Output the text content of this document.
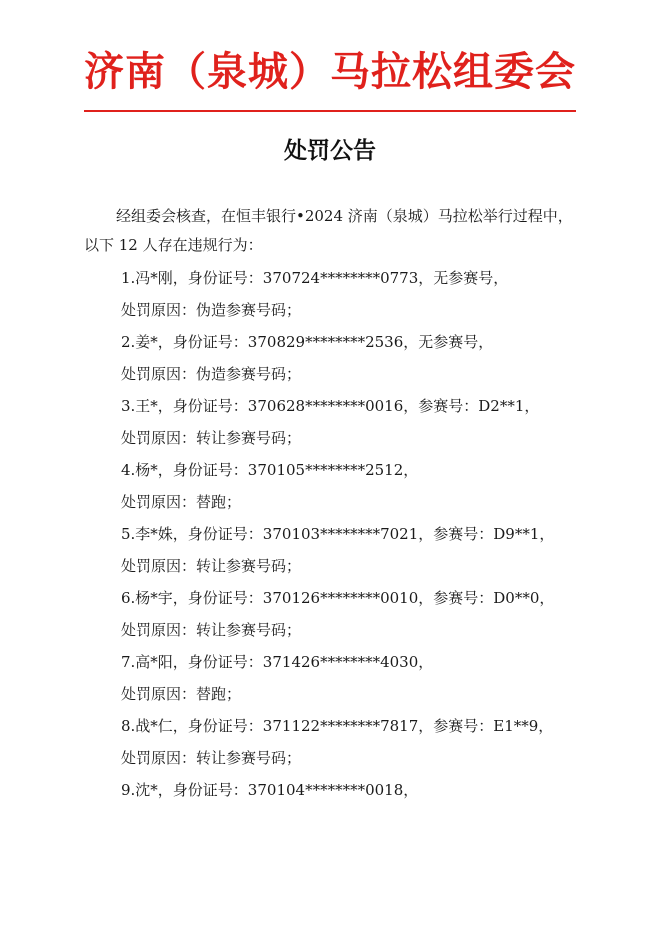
济南（泉城）马拉松组委会
处罚公告

经组委会核查，在恒丰银行•2024 济南（泉城）马拉松举行过程中，以下 12 人存在违规行为：

1.冯*刚，身份证号：370724********0773，无参赛号，

处罚原因：伪造参赛号码；

2.姜*，身份证号：370829********2536，无参赛号，

处罚原因：伪造参赛号码；

3.王*，身份证号：370628********0016，参赛号：D2**1，

处罚原因：转让参赛号码；

4.杨*，身份证号：370105********2512，

处罚原因：替跑；

5.李*姝，身份证号：370103********7021，参赛号：D9**1，

处罚原因：转让参赛号码；

6.杨*宇，身份证号：370126********0010，参赛号：D0**0，

处罚原因：转让参赛号码；

7.高*阳，身份证号：371426********4030，

处罚原因：替跑；

8.战*仁，身份证号：371122********7817，参赛号：E1**9，

处罚原因：转让参赛号码；

9.沈*，身份证号：370104********0018，
